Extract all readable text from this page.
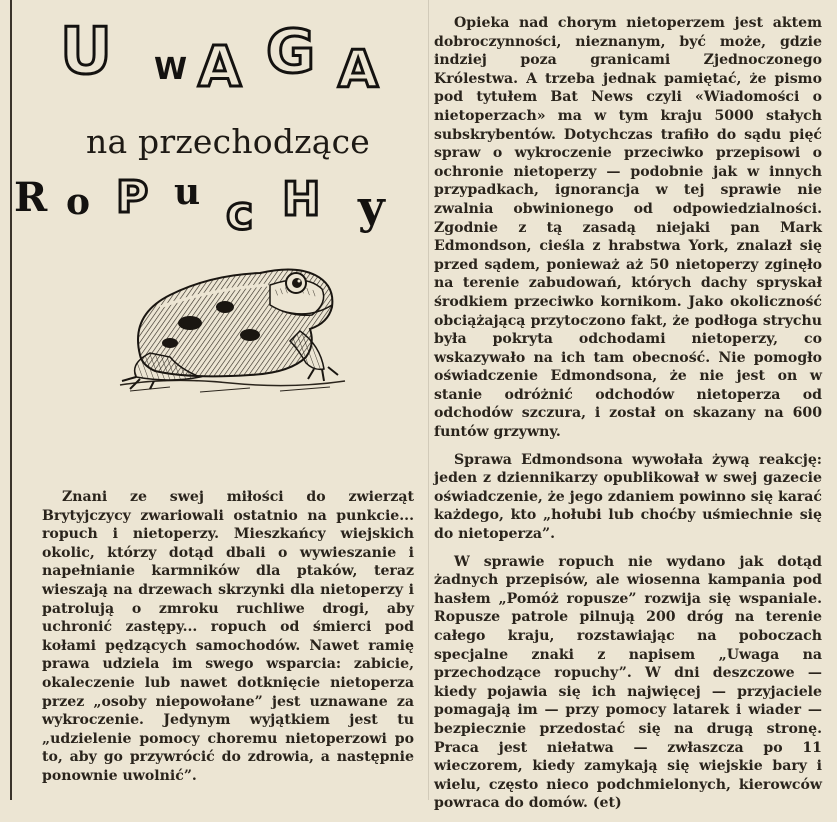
U W A G A
na przechodzące
R o P u c H y

Znani ze swej miłości do zwierząt Brytyjczycy zwariowali ostatnio na punkcie... ropuch i nietoperzy. Mieszkańcy wiejskich okolic, którzy dotąd dbali o wywieszanie i napełnianie karmników dla ptaków, teraz wieszają na drzewach skrzynki dla nietoperzy i patrolują o zmroku ruchliwe drogi, aby uchronić zastępy... ropuch od śmierci pod kołami pędzących samochodów. Nawet ramię prawa udziela im swego wsparcia: zabicie, okaleczenie lub nawet dotknięcie nietoperza przez „osoby niepowołane” jest uznawane za wykroczenie. Jedynym wyjątkiem jest tu „udzielenie pomocy choremu nietoperzowi po to, aby go przywrócić do zdrowia, a następnie ponownie uwolnić”.

Opieka nad chorym nietoperzem jest aktem dobroczynności, nieznanym, być może, gdzie indziej poza granicami Zjednoczonego Królestwa. A trzeba jednak pamiętać, że pismo pod tytułem Bat News czyli «Wiadomości o nietoperzach» ma w tym kraju 5000 stałych subskrybentów. Dotychczas trafiło do sądu pięć spraw o wykroczenie przeciwko przepisowi o ochronie nietoperzy — podobnie jak w innych przypadkach, ignorancja w tej sprawie nie zwalnia obwinionego od odpowiedzialności. Zgodnie z tą zasadą niejaki pan Mark Edmondson, cieśla z hrabstwa York, znalazł się przed sądem, ponieważ aż 50 nietoperzy zginęło na terenie zabudowań, których dachy spryskał środkiem przeciwko kornikom. Jako okoliczność obciążającą przytoczono fakt, że podłoga strychu była pokryta odchodami nietoperzy, co wskazywało na ich tam obecność. Nie pomogło oświadczenie Edmondsona, że nie jest on w stanie odróżnić odchodów nietoperza od odchodów szczura, i został on skazany na 600 funtów grzywny.

Sprawa Edmondsona wywołała żywą reakcję: jeden z dziennikarzy opublikował w swej gazecie oświadczenie, że jego zdaniem powinno się karać każdego, kto „hołubi lub choćby uśmiechnie się do nietoperza”.

W sprawie ropuch nie wydano jak dotąd żadnych przepisów, ale wiosenna kampania pod hasłem „Pomóż ropusze” rozwija się wspaniale. Ropusze patrole pilnują 200 dróg na terenie całego kraju, rozstawiając na poboczach specjalne znaki z napisem „Uwaga na przechodzące ropuchy”. W dni deszczowe — kiedy pojawia się ich najwięcej — przyjaciele pomagają im — przy pomocy latarek i wiader — bezpiecznie przedostać się na drugą stronę. Praca jest niełatwa — zwłaszcza po 11 wieczorem, kiedy zamykają się wiejskie bary i wielu, często nieco podchmielonych, kierowców powraca do domów. (et)
